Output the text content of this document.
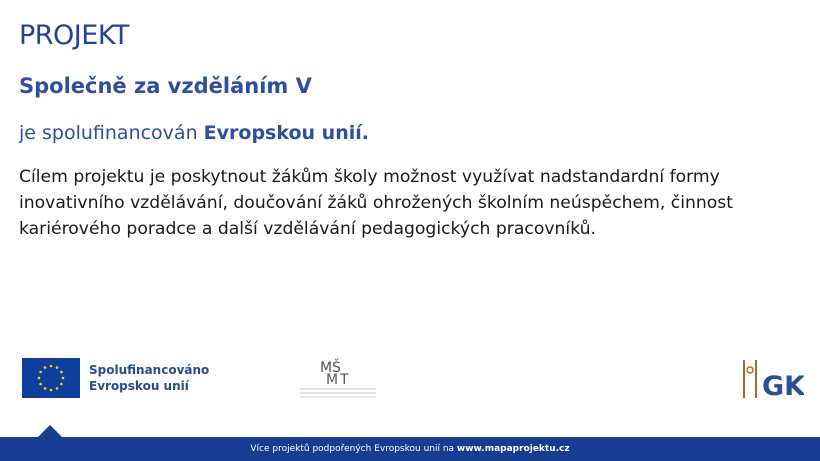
PROJEKT
Společně za vzděláním V

je spolufinancován Evropskou unií.

Cílem projektu je poskytnout žákům školy možnost využívat nadstandardní formy inovativního vzdělávání, doučování žáků ohrožených školním neúspěchem, činnost kariérového poradce a další vzdělávání pedagogických pracovníků.

Spolufinancováno
Evropskou unií
M Š
M T	GK
Více projektů podpořených Evropskou unií na www.mapaprojektu.cz
